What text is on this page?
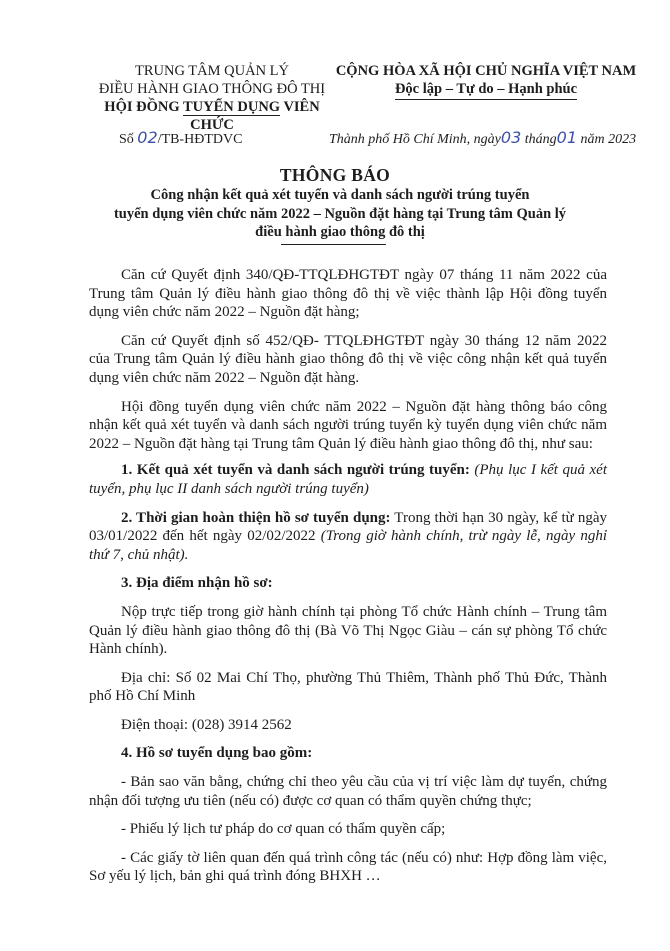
TRUNG TÂM QUẢN LÝ
ĐIỀU HÀNH GIAO THÔNG ĐÔ THỊ
HỘI ĐỒNG TUYỂN DỤNG VIÊN CHỨC
CỘNG HÒA XÃ HỘI CHỦ NGHĨA VIỆT NAM
Độc lập – Tự do – Hạnh phúc
Số 02/TB-HĐTDVC	Thành phố Hồ Chí Minh, ngày03 tháng01 năm 2023
THÔNG BÁO
Công nhận kết quả xét tuyển và danh sách người trúng tuyển
tuyển dụng viên chức năm 2022 – Nguồn đặt hàng tại Trung tâm Quản lý
điều hành giao thông đô thị

Căn cứ Quyết định 340/QĐ-TTQLĐHGTĐT ngày 07 tháng 11 năm 2022 của Trung tâm Quản lý điều hành giao thông đô thị về việc thành lập Hội đồng tuyển dụng viên chức năm 2022 – Nguồn đặt hàng;

Căn cứ Quyết định số 452/QĐ- TTQLĐHGTĐT ngày 30 tháng 12 năm 2022 của Trung tâm Quản lý điều hành giao thông đô thị về việc công nhận kết quả tuyển dụng viên chức năm 2022 – Nguồn đặt hàng.

Hội đồng tuyển dụng viên chức năm 2022 – Nguồn đặt hàng thông báo công nhận kết quả xét tuyển và danh sách người trúng tuyển kỳ tuyển dụng viên chức năm 2022 – Nguồn đặt hàng tại Trung tâm Quản lý điều hành giao thông đô thị, như sau:

1. Kết quả xét tuyển và danh sách người trúng tuyển: (Phụ lục I kết quả xét tuyển, phụ lục II danh sách người trúng tuyển)

2. Thời gian hoàn thiện hồ sơ tuyển dụng: Trong thời hạn 30 ngày, kể từ ngày 03/01/2022 đến hết ngày 02/02/2022 (Trong giờ hành chính, trừ ngày lễ, ngày nghỉ thứ 7, chủ nhật).

3. Địa điểm nhận hồ sơ:

Nộp trực tiếp trong giờ hành chính tại phòng Tổ chức Hành chính – Trung tâm Quản lý điều hành giao thông đô thị (Bà Võ Thị Ngọc Giàu – cán sự phòng Tổ chức Hành chính).

Địa chỉ: Số 02 Mai Chí Thọ, phường Thủ Thiêm, Thành phố Thủ Đức, Thành phố Hồ Chí Minh

Điện thoại: (028) 3914 2562

4. Hồ sơ tuyển dụng bao gồm:

- Bản sao văn bằng, chứng chỉ theo yêu cầu của vị trí việc làm dự tuyển, chứng nhận đối tượng ưu tiên (nếu có) được cơ quan có thẩm quyền chứng thực;

- Phiếu lý lịch tư pháp do cơ quan có thẩm quyền cấp;

- Các giấy tờ liên quan đến quá trình công tác (nếu có) như: Hợp đồng làm việc, Sơ yếu lý lịch, bản ghi quá trình đóng BHXH …
